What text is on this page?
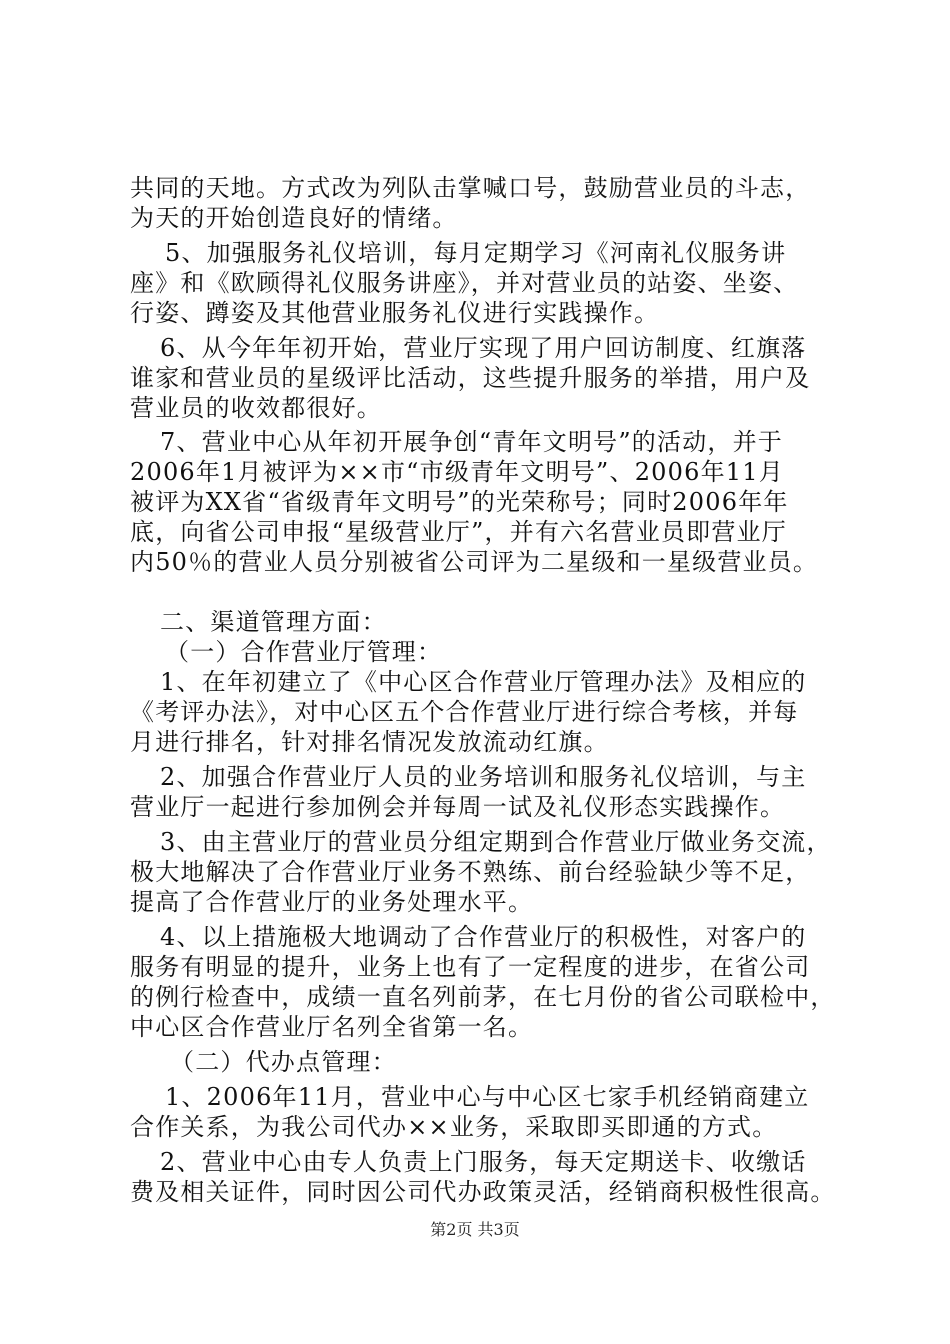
共同的天地。方式改为列队击掌喊口号，鼓励营业员的斗志，
为天的开始创造良好的情绪。
5、加强服务礼仪培训，每月定期学习《河南礼仪服务讲
座》和《欧顾得礼仪服务讲座》，并对营业员的站姿、坐姿、
行姿、蹲姿及其他营业服务礼仪进行实践操作。
6、从今年年初开始，营业厅实现了用户回访制度、红旗落
谁家和营业员的星级评比活动，这些提升服务的举措，用户及
营业员的收效都很好。
7、营业中心从年初开展争创“青年文明号”的活动，并于
2006年1月被评为××市“市级青年文明号”、2006年11月
被评为XX省“省级青年文明号”的光荣称号；同时2006年年
底，向省公司申报“星级营业厅”，并有六名营业员即营业厅
内50％的营业人员分别被省公司评为二星级和一星级营业员。
二、渠道管理方面：
（一）合作营业厅管理：
1、在年初建立了《中心区合作营业厅管理办法》及相应的
《考评办法》，对中心区五个合作营业厅进行综合考核，并每
月进行排名，针对排名情况发放流动红旗。
2、加强合作营业厅人员的业务培训和服务礼仪培训，与主
营业厅一起进行参加例会并每周一试及礼仪形态实践操作。
3、由主营业厅的营业员分组定期到合作营业厅做业务交流，
极大地解决了合作营业厅业务不熟练、前台经验缺少等不足，
提高了合作营业厅的业务处理水平。
4、以上措施极大地调动了合作营业厅的积极性，对客户的
服务有明显的提升，业务上也有了一定程度的进步，在省公司
的例行检查中，成绩一直名列前茅，在七月份的省公司联检中，
中心区合作营业厅名列全省第一名。
（二）代办点管理：
1、2006年11月，营业中心与中心区七家手机经销商建立
合作关系，为我公司代办××业务，采取即买即通的方式。
2、营业中心由专人负责上门服务，每天定期送卡、收缴话
费及相关证件，同时因公司代办政策灵活，经销商积极性很高。
第2页 共3页
